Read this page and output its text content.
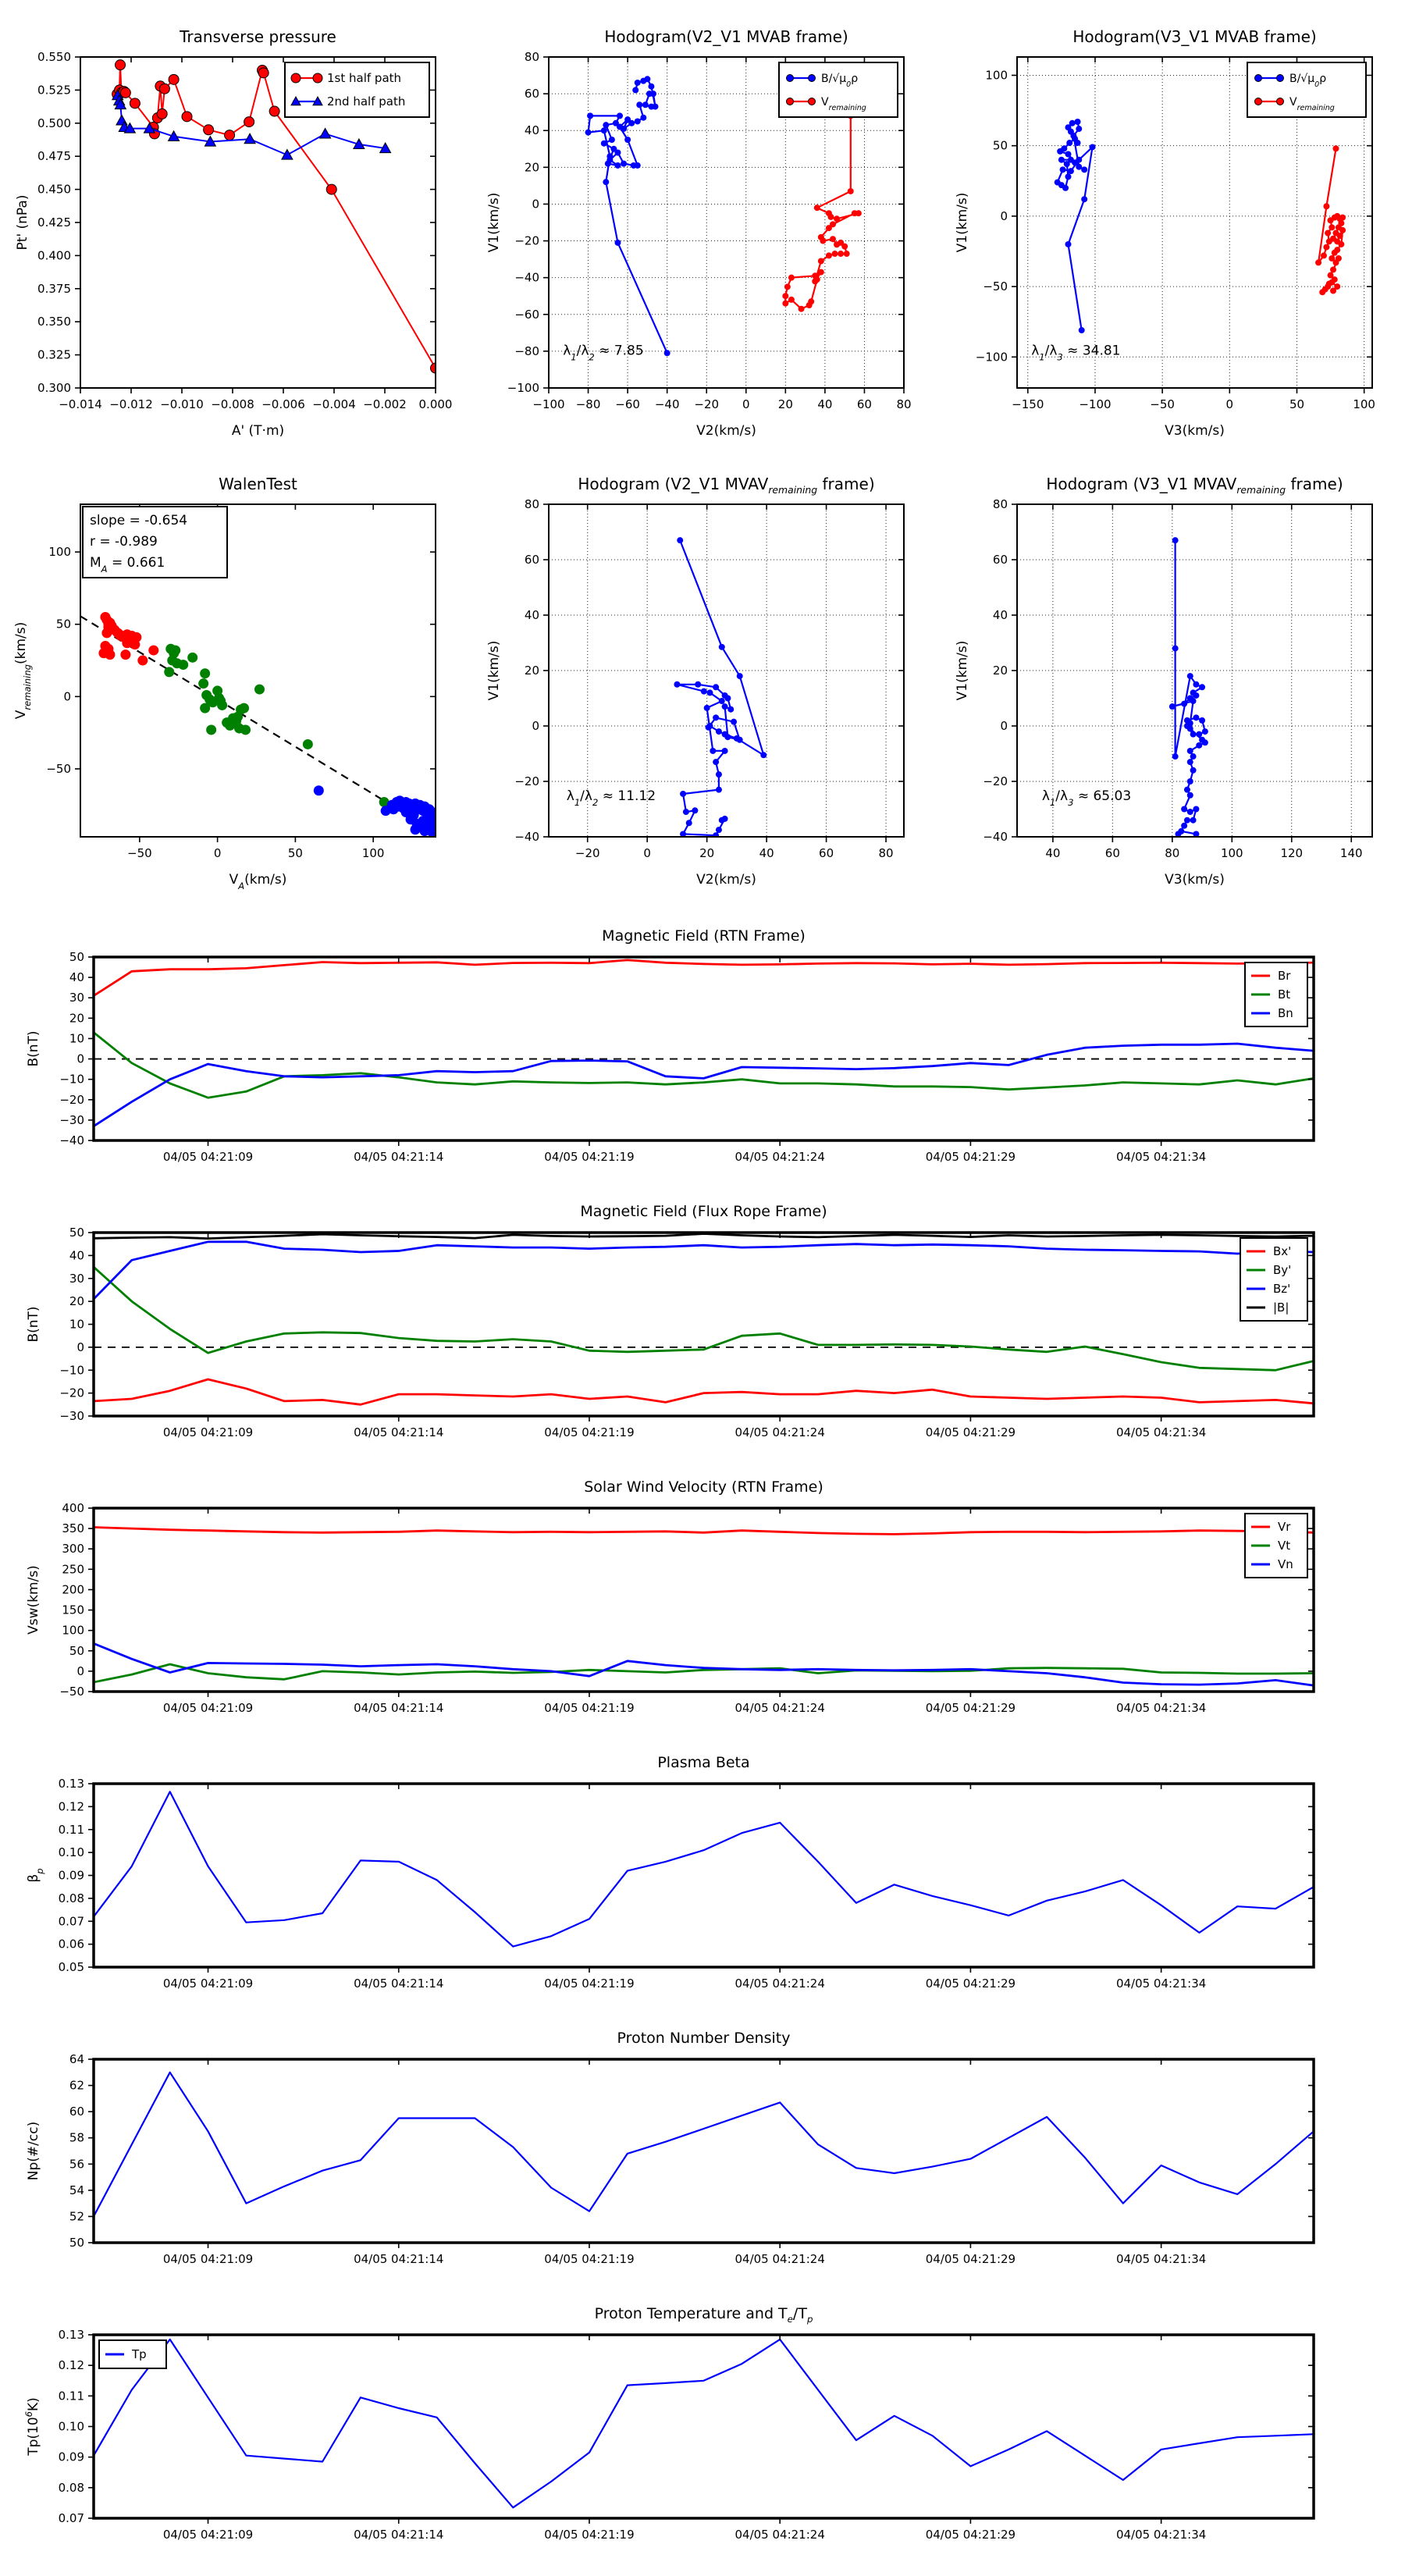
Transverse pressure
−0.014 −0.012 −0.010 −0.008 −0.006 −0.004 −0.002 0.000
0.300
0.325
0.350
0.375
0.400
0.425
0.450
0.475
0.500
0.525
0.550
A' (T·m)
Pt' (nPa)
1st half path
2nd half path
Hodogram(V2_V1 MVAB frame)
−100 −80 −60 −40 −20 0 20 40 60 80
−100
−80
−60
−40
−20
0
20
40
60
80
V2(km/s)
V1(km/s)
$\lambda_1/\lambda_2 \approx 7.85$
$B/√\mu_0\rho$
$V_{remaining}$
Hodogram(V3_V1 MVAB frame)
−150	−100	−50	0	50	100
−100
−50
0
50
100
V3(km/s)
V1(km/s)
$\lambda_1/\lambda_3 \approx 34.81$
$B/√\mu_0\rho$
$V_{remaining}$
WalenTest
−50	0	50	100
−50
0
50
100
$V_A(km/s)$
$V_{remaining}(km/s)$
slope = -0.654
r = -0.989
$M_A = 0.661$
Hodogram (V2_V1 $MVAV_{remaining}$ frame)
−20	0	20	40	60	80
−40
−20
0
20
40
60
80
V2(km/s)
V1(km/s)
$\lambda_1/\lambda_2 \approx 11.12$
Hodogram (V3_V1 $MVAV_{remaining}$ frame)
40	60	80	100	120	140
−40
−20
0
20
40
60
80
V3(km/s)
V1(km/s)
$\lambda_1/\lambda_3 \approx 65.03$
Magnetic Field (RTN Frame)
04/05 04:21:09	04/05 04:21:14	04/05 04:21:19	04/05 04:21:24	04/05 04:21:29	04/05 04:21:34
−40
−30
−20
−10
0
10
20
30
40
50
B(nT)
Br
Bt
Bn
Magnetic Field (Flux Rope Frame)
04/05 04:21:09	04/05 04:21:14	04/05 04:21:19	04/05 04:21:24	04/05 04:21:29	04/05 04:21:34
−30
−20
−10
0
10
20
30
40
50
B(nT)
Bx'
By'
Bz'
|B|
Solar Wind Velocity (RTN Frame)
04/05 04:21:09	04/05 04:21:14	04/05 04:21:19	04/05 04:21:24	04/05 04:21:29	04/05 04:21:34
−50
0
50
100
150
200
250
300
350
400
Vsw(km/s)
Vr
Vt
Vn
Plasma Beta
04/05 04:21:09	04/05 04:21:14	04/05 04:21:19	04/05 04:21:24	04/05 04:21:29	04/05 04:21:34
0.05
0.06
0.07
0.08
0.09
0.10
0.11
0.12
0.13
$\beta_p$
Proton Number Density
04/05 04:21:09	04/05 04:21:14	04/05 04:21:19	04/05 04:21:24	04/05 04:21:29	04/05 04:21:34
50
52
54
56
58
60
62
64
Np(#/cc)
Proton Temperature and $T_e/T_p$
04/05 04:21:09	04/05 04:21:14	04/05 04:21:19	04/05 04:21:24	04/05 04:21:29	04/05 04:21:34
0.07
0.08
0.09
0.10
0.11
0.12
0.13
$Tp(10^6K)$
Tp
